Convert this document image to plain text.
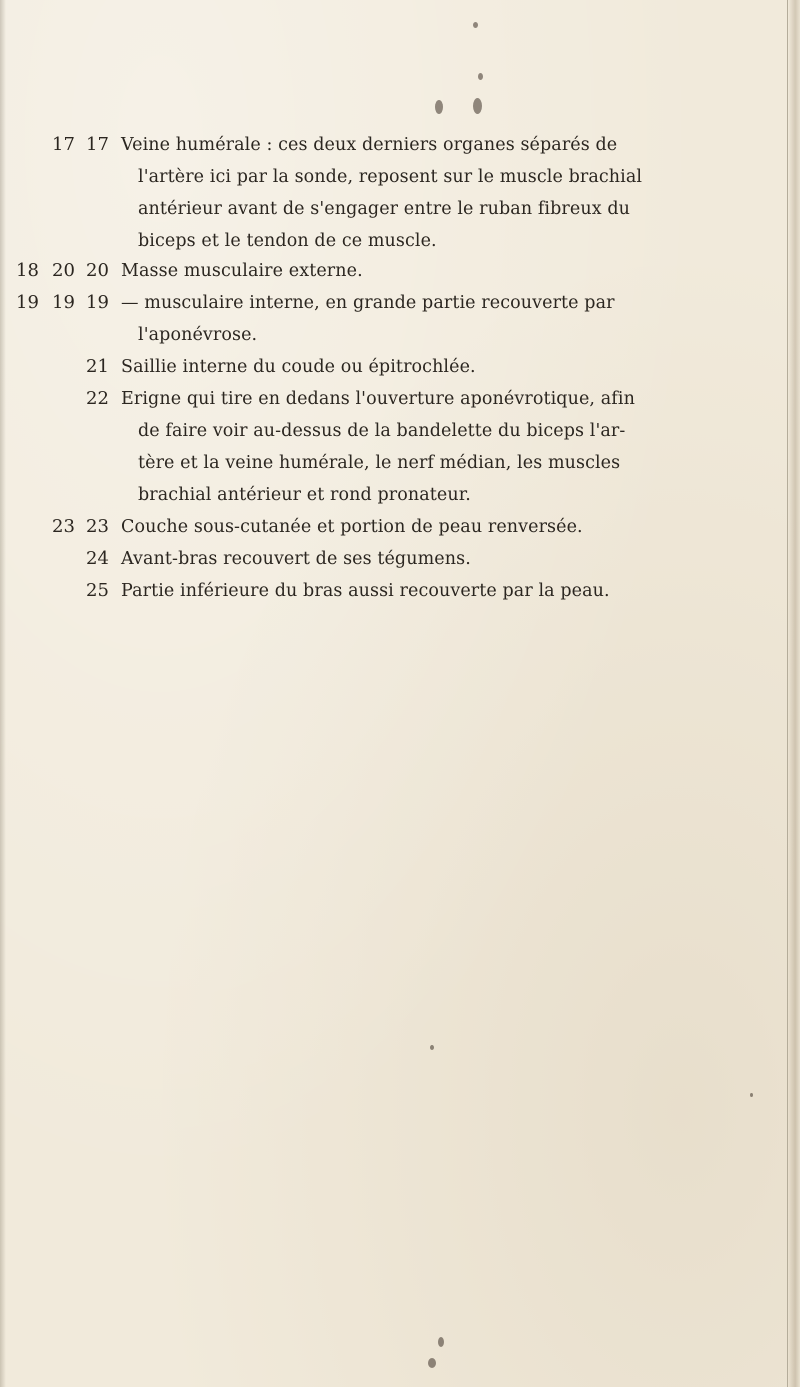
17 17 Veine humérale : ces deux derniers organes séparés de
l'artère ici par la sonde, reposent sur le muscle brachial
antérieur avant de s'engager entre le ruban fibreux du
biceps et le tendon de ce muscle.
18 20 20 Masse musculaire externe.
19 19 19 — musculaire interne, en grande partie recouverte par
l'aponévrose.
21 Saillie interne du coude ou épitrochlée.
22 Erigne qui tire en dedans l'ouverture aponévrotique, afin
de faire voir au-dessus de la bandelette du biceps l'ar-
tère et la veine humérale, le nerf médian, les muscles
brachial antérieur et rond pronateur.
23 23 Couche sous-cutanée et portion de peau renversée.
24 Avant-bras recouvert de ses tégumens.
25 Partie inférieure du bras aussi recouverte par la peau.
